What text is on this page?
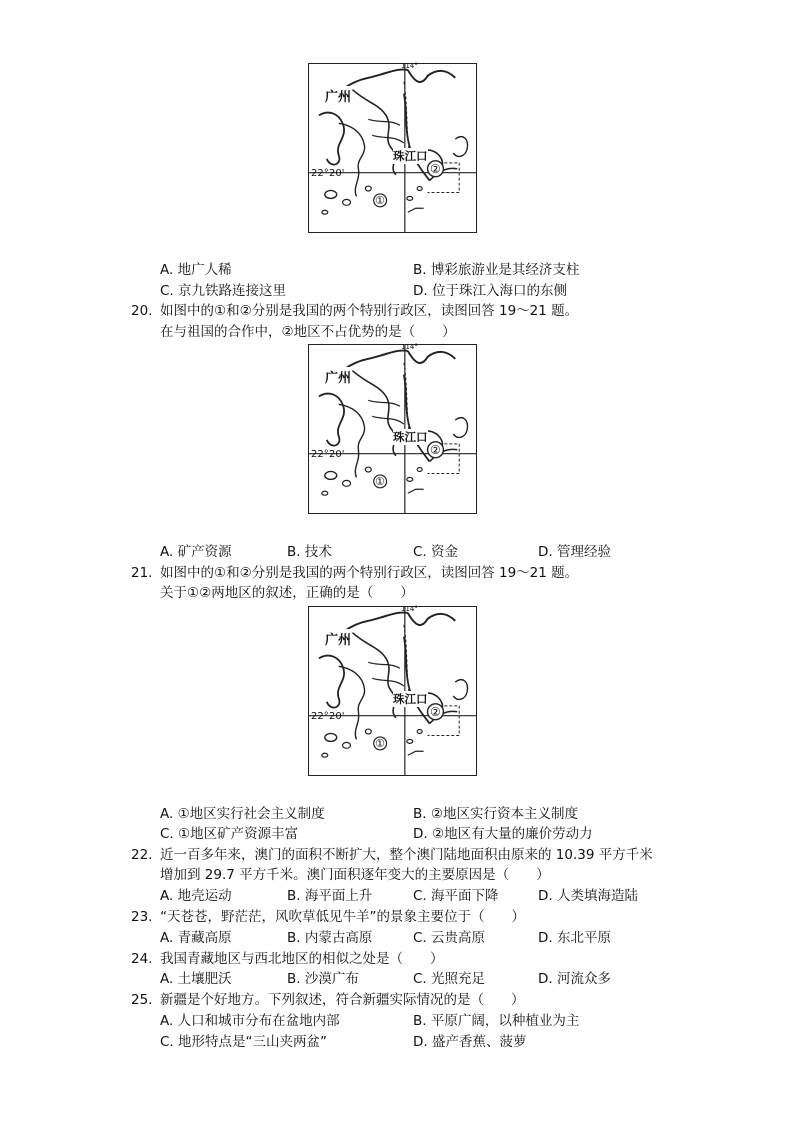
广州
珠江口
22° 20'
114°
①
②
A. 地广人稀	B. 博彩旅游业是其经济支柱
C. 京九铁路连接这里	D. 位于珠江入海口的东侧
20. 如图中的①和②分别是我国的两个特别行政区，读图回答 19～21 题。
在与祖国的合作中，②地区不占优势的是（　　）
广州
珠江口
22° 20'
114°
①
②
A. 矿产资源	B. 技术	C. 资金	D. 管理经验
21. 如图中的①和②分别是我国的两个特别行政区，读图回答 19～21 题。
关于①②两地区的叙述，正确的是（　　）
广州
珠江口
22° 20'
114°
①
②
A. ①地区实行社会主义制度	B. ②地区实行资本主义制度
C. ①地区矿产资源丰富	D. ②地区有大量的廉价劳动力
22. 近一百多年来，澳门的面积不断扩大，整个澳门陆地面积由原来的 10.39 平方千米
增加到 29.7 平方千米。澳门面积逐年变大的主要原因是（　　）
A. 地壳运动	B. 海平面上升	C. 海平面下降	D. 人类填海造陆
23. “天苍苍，野茫茫，风吹草低见牛羊”的景象主要位于（　　）
A. 青藏高原	B. 内蒙古高原	C. 云贵高原	D. 东北平原
24. 我国青藏地区与西北地区的相似之处是（　　）
A. 土壤肥沃	B. 沙漠广布	C. 光照充足	D. 河流众多
25. 新疆是个好地方。下列叙述，符合新疆实际情况的是（　　）
A. 人口和城市分布在盆地内部	B. 平原广阔，以种植业为主
C. 地形特点是“三山夹两盆”	D. 盛产香蕉、菠萝
